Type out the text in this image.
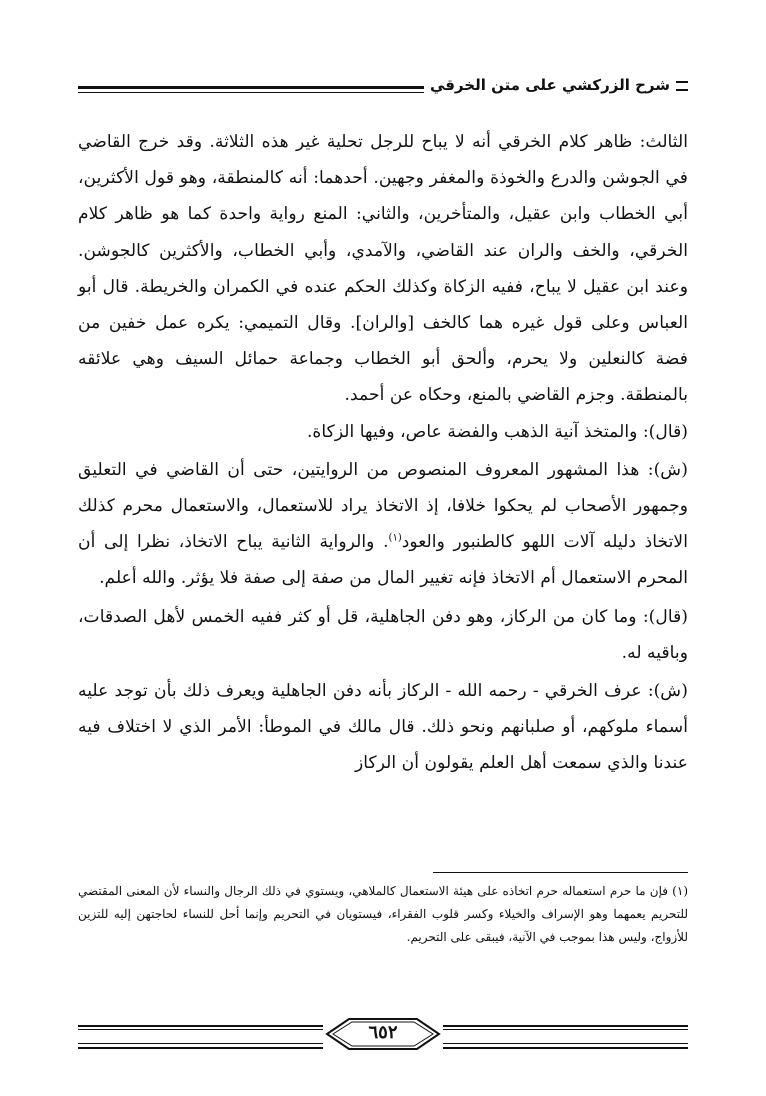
شرح الزركشي على متن الخرقي

الثالث: ظاهر كلام الخرقي أنه لا يباح للرجل تحلية غير هذه الثلاثة. وقد خرج القاضي في الجوشن والدرع والخوذة والمغفر وجهين. أحدهما: أنه كالمنطقة، وهو قول الأكثرين، أبي الخطاب وابن عقيل، والمتأخرين، والثاني: المنع رواية واحدة كما هو ظاهر كلام الخرقي، والخف والران عند القاضي، والآمدي، وأبي الخطاب، والأكثرين كالجوشن. وعند ابن عقيل لا يباح، ففيه الزكاة وكذلك الحكم عنده في الكمران والخريطة. قال أبو العباس وعلى قول غيره هما كالخف [والران]. وقال التميمي: يكره عمل خفين من فضة كالنعلين ولا يحرم، وألحق أبو الخطاب وجماعة حمائل السيف وهي علائقه بالمنطقة. وجزم القاضي بالمنع، وحكاه عن أحمد.

(قال): والمتخذ آنية الذهب والفضة عاص، وفيها الزكاة.

(ش): هذا المشهور المعروف المنصوص من الروايتين، حتى أن القاضي في التعليق وجمهور الأصحاب لم يحكوا خلافا، إذ الاتخاذ يراد للاستعمال، والاستعمال محرم كذلك الاتخاذ دليله آلات اللهو كالطنبور والعود$^{(١)}$. والرواية الثانية يباح الاتخاذ، نظرا إلى أن المحرم الاستعمال أم الاتخاذ فإنه تغيير المال من صفة إلى صفة فلا يؤثر. والله أعلم.

(قال): وما كان من الركاز، وهو دفن الجاهلية، قل أو كثر ففيه الخمس لأهل الصدقات، وباقيه له.

(ش): عرف الخرقي - رحمه الله - الركاز بأنه دفن الجاهلية ويعرف ذلك بأن توجد عليه أسماء ملوكهم، أو صلبانهم ونحو ذلك. قال مالك في الموطأ: الأمر الذي لا اختلاف فيه عندنا والذي سمعت أهل العلم يقولون أن الركاز

(١) فإن ما حرم استعماله حرم اتخاذه على هيئة الاستعمال كالملاهي، ويستوي في ذلك الرجال والنساء لأن المعنى المقتضي للتحريم يعمهما وهو الإسراف والخيلاء وكسر قلوب الفقراء، فيستويان في التحريم وإنما أحل للنساء لحاجتهن إليه للتزين للأزواج، وليس هذا بموجب في الآنية، فيبقى على التحريم.
٦٥٢
